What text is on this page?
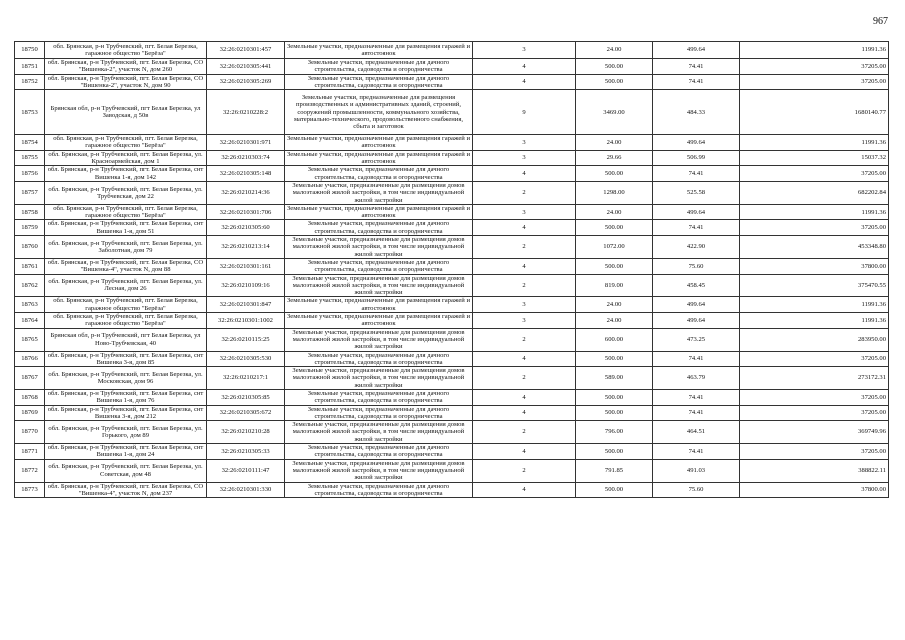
967
18750	обл. Брянская, р-н Трубчевский, пгт. Белая Березка, гаражное общество "Берёза"	32:26:0210301:457	Земельные участки, предназначенные для размещения гаражей и автостоянок	3	24.00	499.64	11991.36
18751	обл. Брянская, р-н Трубчевский, пгт. Белая Березка, СО "Вишенка-2", участок N, дом 260	32:26:0210305:441	Земельные участки, предназначенные для дачного строительства, садоводства и огородничества	4	500.00	74.41	37205.00
18752	обл. Брянская, р-н Трубчевский, пгт. Белая Березка, СО "Вишенка-2", участок N, дом 90	32:26:0210305:269	Земельные участки, предназначенные для дачного строительства, садоводства и огородничества	4	500.00	74.41	37205.00
18753	Брянская обл, р-н Трубчевский, пгт Белая Березка, ул Заводская, д 50в	32:26:0210228:2	Земельные участки, предназначенные для размещения производственных и административных зданий, строений, сооружений промышленности, коммунального хозяйства, материально-технического, продовольственного снабжения, сбыта и заготовок	9	3469.00	484.33	1680140.77
18754	обл. Брянская, р-н Трубчевский, пгт. Белая Березка, гаражное общество "Берёза"	32:26:0210301:971	Земельные участки, предназначенные для размещения гаражей и автостоянок	3	24.00	499.64	11991.36
18755	обл. Брянская, р-н Трубчевский, пгт. Белая Березка, ул. Красноармейская, дом 1	32:26:0210303:74	Земельные участки, предназначенные для размещения гаражей и автостоянок	3	29.66	506.99	15037.32
18756	обл. Брянская, р-н Трубчевский, пгт. Белая Березка, снт Вишенка 1-я, дом 142	32:26:0210305:148	Земельные участки, предназначенные для дачного строительства, садоводства и огородничества	4	500.00	74.41	37205.00
18757	обл. Брянская, р-н Трубчевский, пгт. Белая Березка, ул. Трубчевская, дом 22	32:26:0210214:36	Земельные участки, предназначенные для размещения домов малоэтажной жилой застройки, в том числе индивидуальной жилой застройки	2	1298.00	525.58	682202.84
18758	обл. Брянская, р-н Трубчевский, пгт. Белая Березка, гаражное общество "Берёза"	32:26:0210301:706	Земельные участки, предназначенные для размещения гаражей и автостоянок	3	24.00	499.64	11991.36
18759	обл. Брянская, р-н Трубчевский, пгт. Белая Березка, снт Вишенка 1-я, дом 51	32:26:0210305:60	Земельные участки, предназначенные для дачного строительства, садоводства и огородничества	4	500.00	74.41	37205.00
18760	обл. Брянская, р-н Трубчевский, пгт. Белая Березка, ул. Заболотная, дом 79	32:26:0210213:14	Земельные участки, предназначенные для размещения домов малоэтажной жилой застройки, в том числе индивидуальной жилой застройки	2	1072.00	422.90	453348.80
18761	обл. Брянская, р-н Трубчевский, пгт. Белая Березка, СО "Вишенка-4", участок N, дом 88	32:26:0210301:161	Земельные участки, предназначенные для дачного строительства, садоводства и огородничества	4	500.00	75.60	37800.00
18762	обл. Брянская, р-н Трубчевский, пгт. Белая Березка, ул. Лесная, дом 26	32:26:0210109:16	Земельные участки, предназначенные для размещения домов малоэтажной жилой застройки, в том числе индивидуальной жилой застройки	2	819.00	458.45	375470.55
18763	обл. Брянская, р-н Трубчевский, пгт. Белая Березка, гаражное общество "Берёза"	32:26:0210301:847	Земельные участки, предназначенные для размещения гаражей и автостоянок	3	24.00	499.64	11991.36
18764	обл. Брянская, р-н Трубчевский, пгт. Белая Березка, гаражное общество "Берёза"	32:26:0210301:1002	Земельные участки, предназначенные для размещения гаражей и автостоянок	3	24.00	499.64	11991.36
18765	Брянская обл, р-н Трубчевский, пгт Белая Березка, ул Ново-Трубчевская, 40	32:26:0210115:25	Земельные участки, предназначенные для размещения домов малоэтажной жилой застройки, в том числе индивидуальной жилой застройки	2	600.00	473.25	283950.00
18766	обл. Брянская, р-н Трубчевский, пгт. Белая Березка, снт Вишенка 3-я, дом 85	32:26:0210305:530	Земельные участки, предназначенные для дачного строительства, садоводства и огородничества	4	500.00	74.41	37205.00
18767	обл. Брянская, р-н Трубчевский, пгт. Белая Березка, ул. Московская, дом 96	32:26:0210217:1	Земельные участки, предназначенные для размещения домов малоэтажной жилой застройки, в том числе индивидуальной жилой застройки	2	589.00	463.79	273172.31
18768	обл. Брянская, р-н Трубчевский, пгт. Белая Березка, снт Вишенка 1-я, дом 76	32:26:0210305:85	Земельные участки, предназначенные для дачного строительства, садоводства и огородничества	4	500.00	74.41	37205.00
18769	обл. Брянская, р-н Трубчевский, пгт. Белая Березка, снт Вишенка 3-я, дом 212	32:26:0210305:672	Земельные участки, предназначенные для дачного строительства, садоводства и огородничества	4	500.00	74.41	37205.00
18770	обл. Брянская, р-н Трубчевский, пгт. Белая Березка, ул. Горького, дом 89	32:26:0210210:28	Земельные участки, предназначенные для размещения домов малоэтажной жилой застройки, в том числе индивидуальной жилой застройки	2	796.00	464.51	369749.96
18771	обл. Брянская, р-н Трубчевский, пгт. Белая Березка, снт Вишенка 1-я, дом 24	32:26:0210305:33	Земельные участки, предназначенные для дачного строительства, садоводства и огородничества	4	500.00	74.41	37205.00
18772	обл. Брянская, р-н Трубчевский, пгт. Белая Березка, ул. Советская, дом 48	32:26:0210111:47	Земельные участки, предназначенные для размещения домов малоэтажной жилой застройки, в том числе индивидуальной жилой застройки	2	791.85	491.03	388822.11
18773	обл. Брянская, р-н Трубчевский, пгт. Белая Березка, СО "Вишенка-4", участок N, дом 237	32:26:0210301:330	Земельные участки, предназначенные для дачного строительства, садоводства и огородничества	4	500.00	75.60	37800.00
